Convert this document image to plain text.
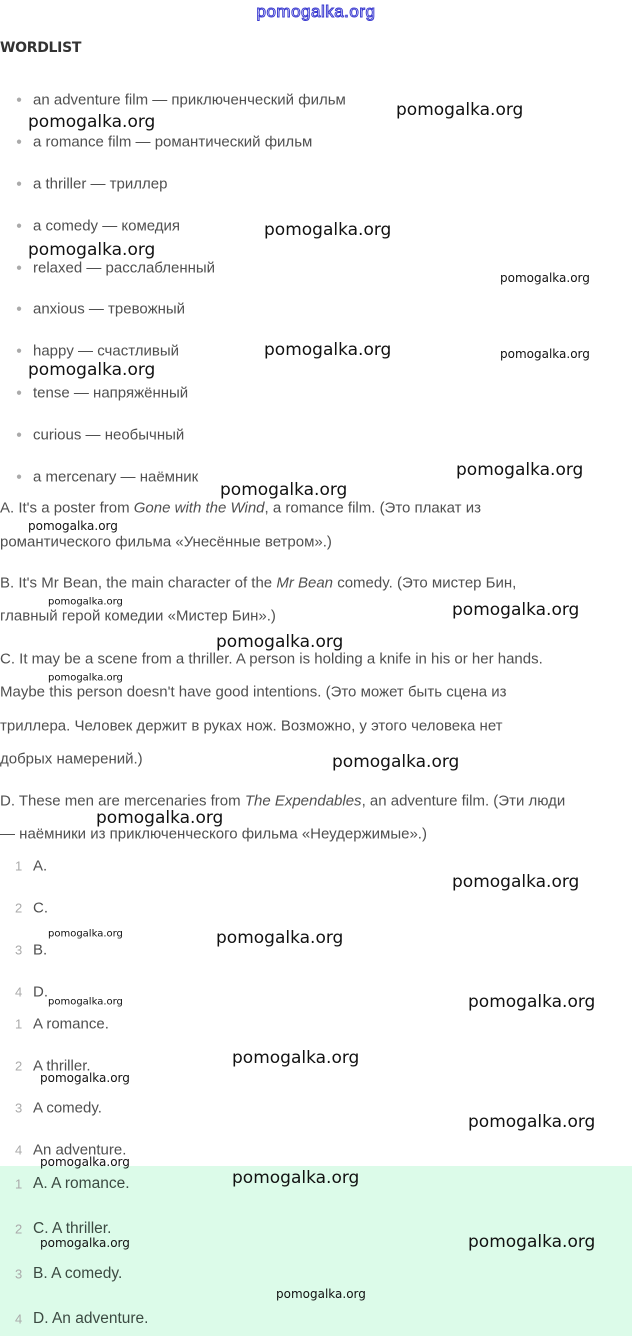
pomogalka.org
WORDLIST
● an adventure film — приключенческий фильм
● a romance film — романтический фильм
● a thriller — триллер
● a comedy — комедия
● relaxed — расслабленный
● anxious — тревожный
● happy — счастливый
● tense — напряжённый
● curious — необычный
● a mercenary — наёмник
A. It's a poster from Gone with the Wind, a romance film. (Это плакат из
романтического фильма «Унесённые ветром».)
B. It's Mr Bean, the main character of the Mr Bean comedy. (Это мистер Бин,
главный герой комедии «Мистер Бин».)
C. It may be a scene from a thriller. A person is holding a knife in his or her hands.
Maybe this person doesn't have good intentions. (Это может быть сцена из
триллера. Человек держит в руках нож. Возможно, у этого человека нет
добрых намерений.)
D. These men are mercenaries from The Expendables, an adventure film. (Эти люди
— наёмники из приключенческого фильма «Неудержимые».)
1 A.
2 C.
3 B.
4 D.
1 A romance.
2 A thriller.
3 A comedy.
4 An adventure.
1 A. A romance.
2 C. A thriller.
3 B. A comedy.
4 D. An adventure.
pomogalka.org
pomogalka.org
pomogalka.org
pomogalka.org
pomogalka.org
pomogalka.org	pomogalka.org
pomogalka.org
pomogalka.org
pomogalka.org
pomogalka.org
pomogalka.org	pomogalka.org
pomogalka.org
pomogalka.org
pomogalka.org
pomogalka.org
pomogalka.org
pomogalka.org	pomogalka.org
pomogalka.org	pomogalka.org
pomogalka.org
pomogalka.org
pomogalka.org
pomogalka.org
pomogalka.org
pomogalka.org	pomogalka.org
pomogalka.org
